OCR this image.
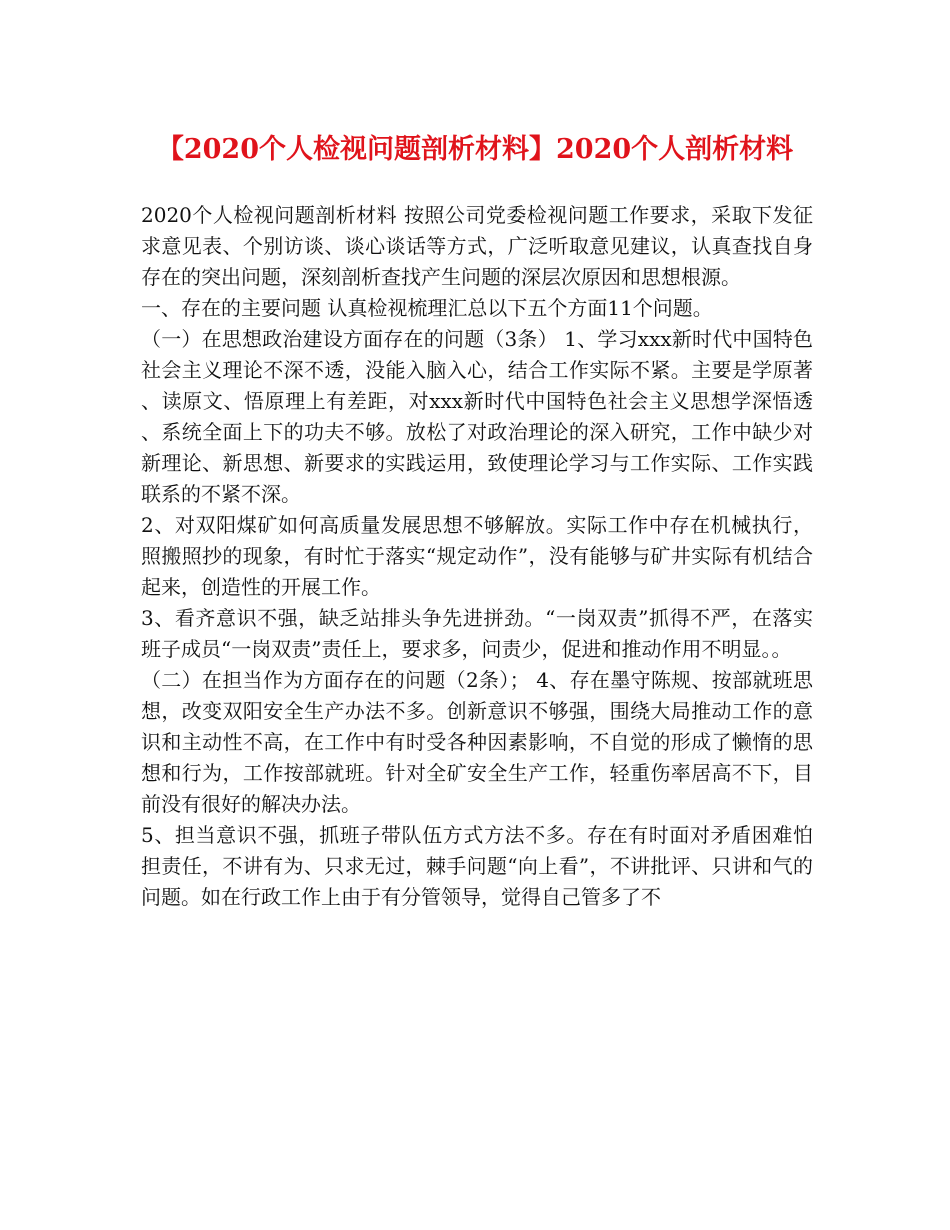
【2020个人检视问题剖析材料】2020个人剖析材料

2020个人检视问题剖析材料 按照公司党委检视问题工作要求，采取下发征求意见表、个别访谈、谈心谈话等方式，广泛听取意见建议，认真查找自身存在的突出问题，深刻剖析查找产生问题的深层次原因和思想根源。

一、存在的主要问题 认真检视梳理汇总以下五个方面11个问题。

（一）在思想政治建设方面存在的问题（3条） 1、学习xxx新时代中国特色社会主义理论不深不透，没能入脑入心，结合工作实际不紧。主要是学原著、读原文、悟原理上有差距，对xxx新时代中国特色社会主义思想学深悟透、系统全面上下的功夫不够。放松了对政治理论的深入研究，工作中缺少对新理论、新思想、新要求的实践运用，致使理论学习与工作实际、工作实践联系的不紧不深。

2、对双阳煤矿如何高质量发展思想不够解放。实际工作中存在机械执行，照搬照抄的现象，有时忙于落实“规定动作”，没有能够与矿井实际有机结合起来，创造性的开展工作。

3、看齐意识不强，缺乏站排头争先进拼劲。“一岗双责”抓得不严，在落实班子成员“一岗双责”责任上，要求多，问责少，促进和推动作用不明显。。

（二）在担当作为方面存在的问题（2条）； 4、存在墨守陈规、按部就班思想，改变双阳安全生产办法不多。创新意识不够强，围绕大局推动工作的意识和主动性不高，在工作中有时受各种因素影响，不自觉的形成了懒惰的思想和行为，工作按部就班。针对全矿安全生产工作，轻重伤率居高不下，目前没有很好的解决办法。

5、担当意识不强，抓班子带队伍方式方法不多。存在有时面对矛盾困难怕担责任，不讲有为、只求无过，棘手问题“向上看”，不讲批评、只讲和气的问题。如在行政工作上由于有分管领导，觉得自己管多了不
